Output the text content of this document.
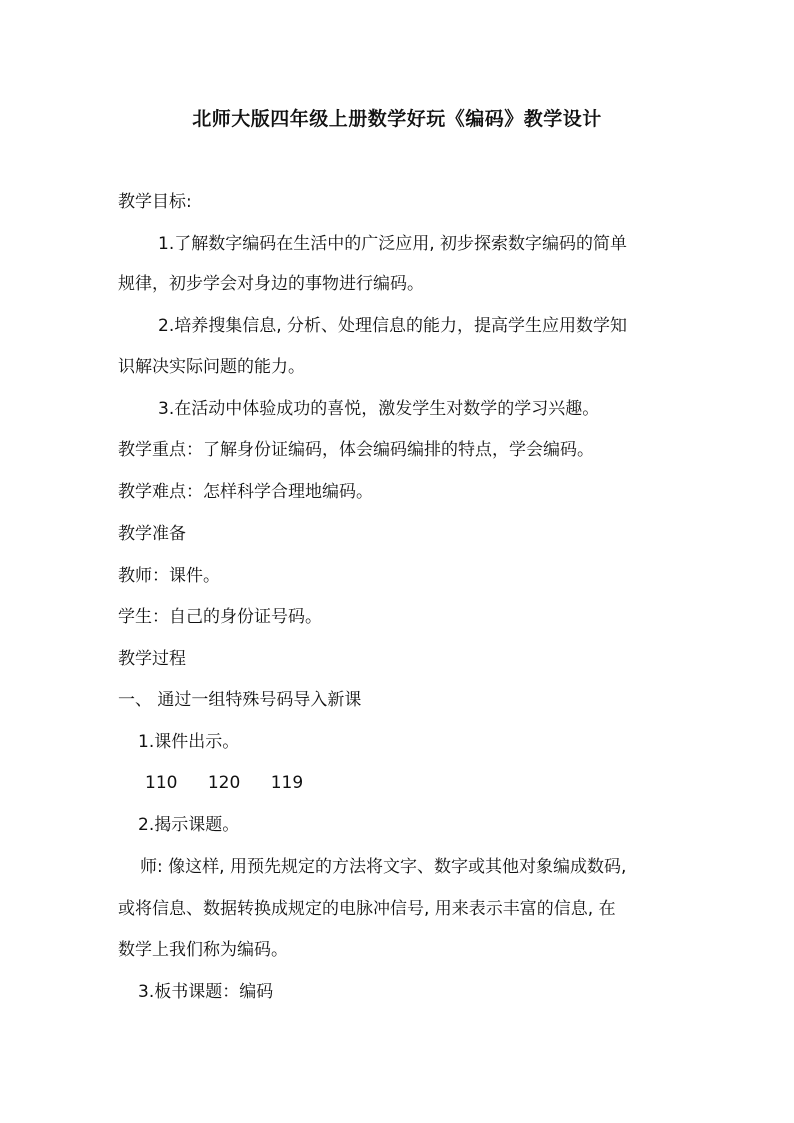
北师大版四年级上册数学好玩《编码》教学设计
教学目标:
1.了解数字编码在生活中的广泛应用, 初步探索数字编码的简单
规律，初步学会对身边的事物进行编码。
2.培养搜集信息, 分析、处理信息的能力，提高学生应用数学知
识解决实际问题的能力。
3.在活动中体验成功的喜悦，激发学生对数学的学习兴趣。
教学重点：了解身份证编码，体会编码编排的特点，学会编码。
教学难点：怎样科学合理地编码。
教学准备
教师：课件。
学生：自己的身份证号码。
教学过程
一、 通过一组特殊号码导入新课
1.课件出示。
110 120 119
2.揭示课题。
师: 像这样, 用预先规定的方法将文字、数字或其他对象编成数码,
或将信息、数据转换成规定的电脉冲信号, 用来表示丰富的信息, 在
数学上我们称为编码。
3.板书课题：编码
